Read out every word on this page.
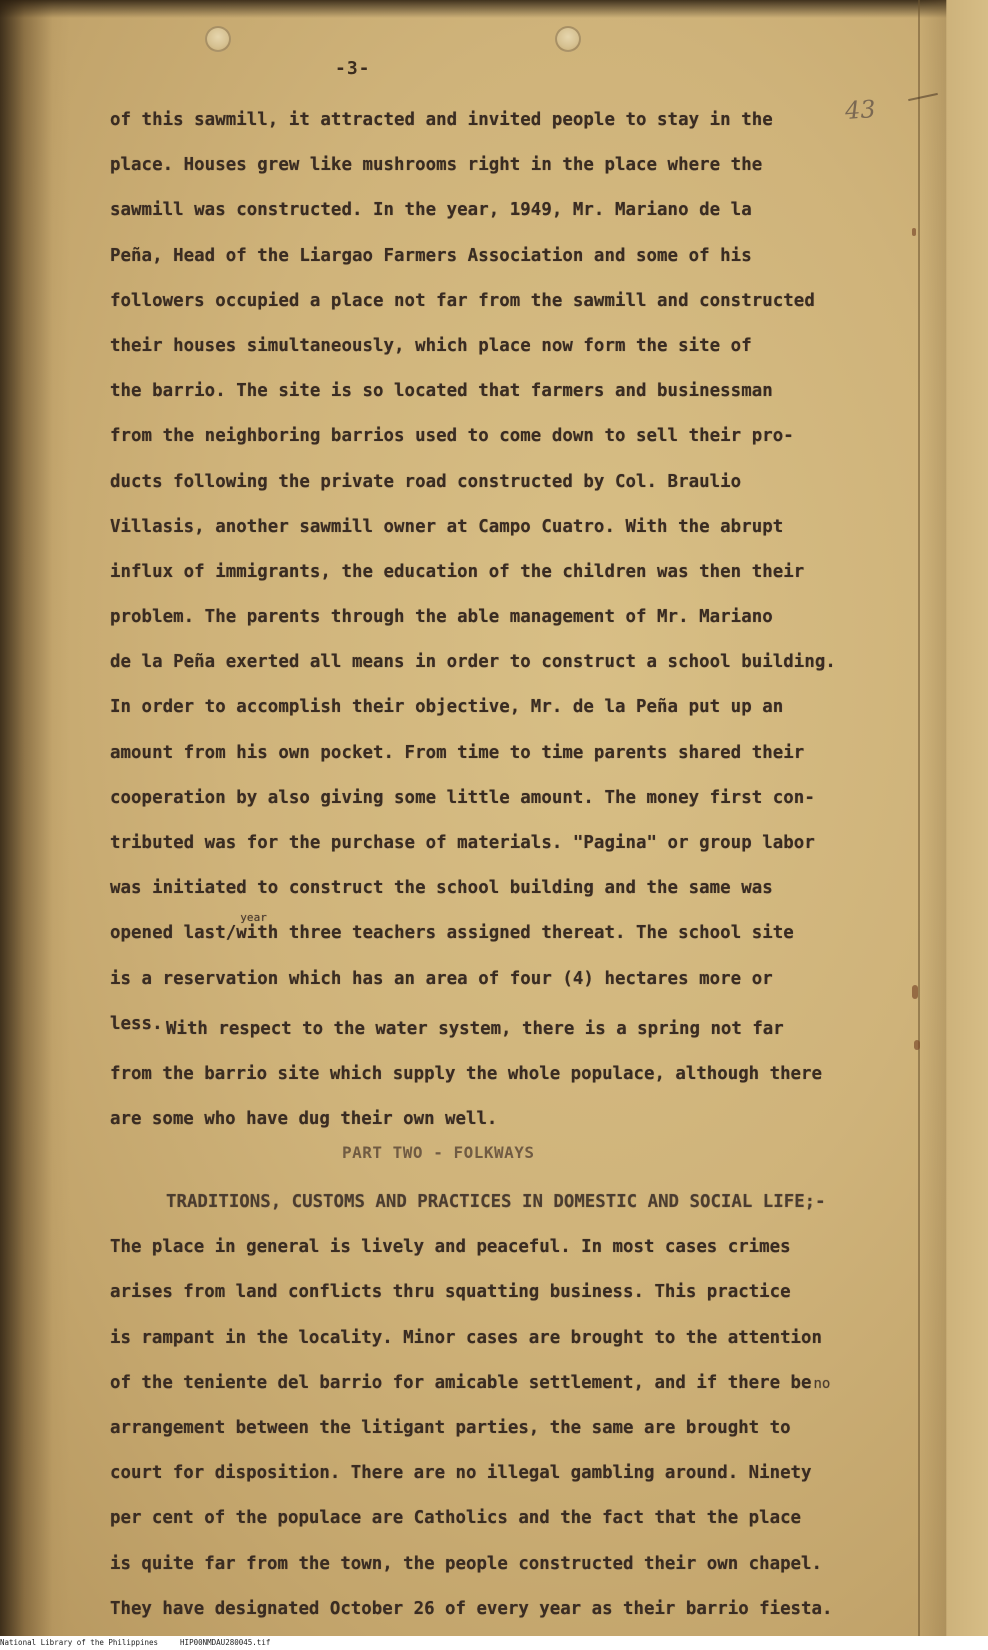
-3-
43
of this sawmill, it attracted and invited people to stay in the
place. Houses grew like mushrooms right in the place where the
sawmill was constructed. In the year, 1949, Mr. Mariano de la
Peña, Head of the Liargao Farmers Association and some of his
followers occupied a place not far from the sawmill and constructed
their houses simultaneously, which place now form the site of
the barrio. The site is so located that farmers and businessman
from the neighboring barrios used to come down to sell their pro-
ducts following the private road constructed by Col. Braulio
Villasis, another sawmill owner at Campo Cuatro. With the abrupt
influx of immigrants, the education of the children was then their
problem. The parents through the able management of Mr. Mariano
de la Peña exerted all means in order to construct a school building.
In order to accomplish their objective, Mr. de la Peña put up an
amount from his own pocket. From time to time parents shared their
cooperation by also giving some little amount. The money first con-
tributed was for the purchase of materials. "Pagina" or group labor
was initiated to construct the school building and the same was
opened last/
year
with three teachers assigned thereat. The school site
is a reservation which has an area of four (4) hectares more or
less. With respect to the water system, there is a spring not far
from the barrio site which supply the whole populace, although there
are some who have dug their own well.
PART TWO - FOLKWAYS
TRADITIONS, CUSTOMS AND PRACTICES IN DOMESTIC AND SOCIAL LIFE;-
The place in general is lively and peaceful. In most cases crimes
arises from land conflicts thru squatting business. This practice
is rampant in the locality. Minor cases are brought to the attention
of the teniente del barrio for amicable settlement, and if there be no
arrangement between the litigant parties, the same are brought to
court for disposition. There are no illegal gambling around. Ninety
per cent of the populace are Catholics and the fact that the place
is quite far from the town, the people constructed their own chapel.
They have designated October 26 of every year as their barrio fiesta.
National Library of the Philippines	HIP00NMDAU280045.tif
